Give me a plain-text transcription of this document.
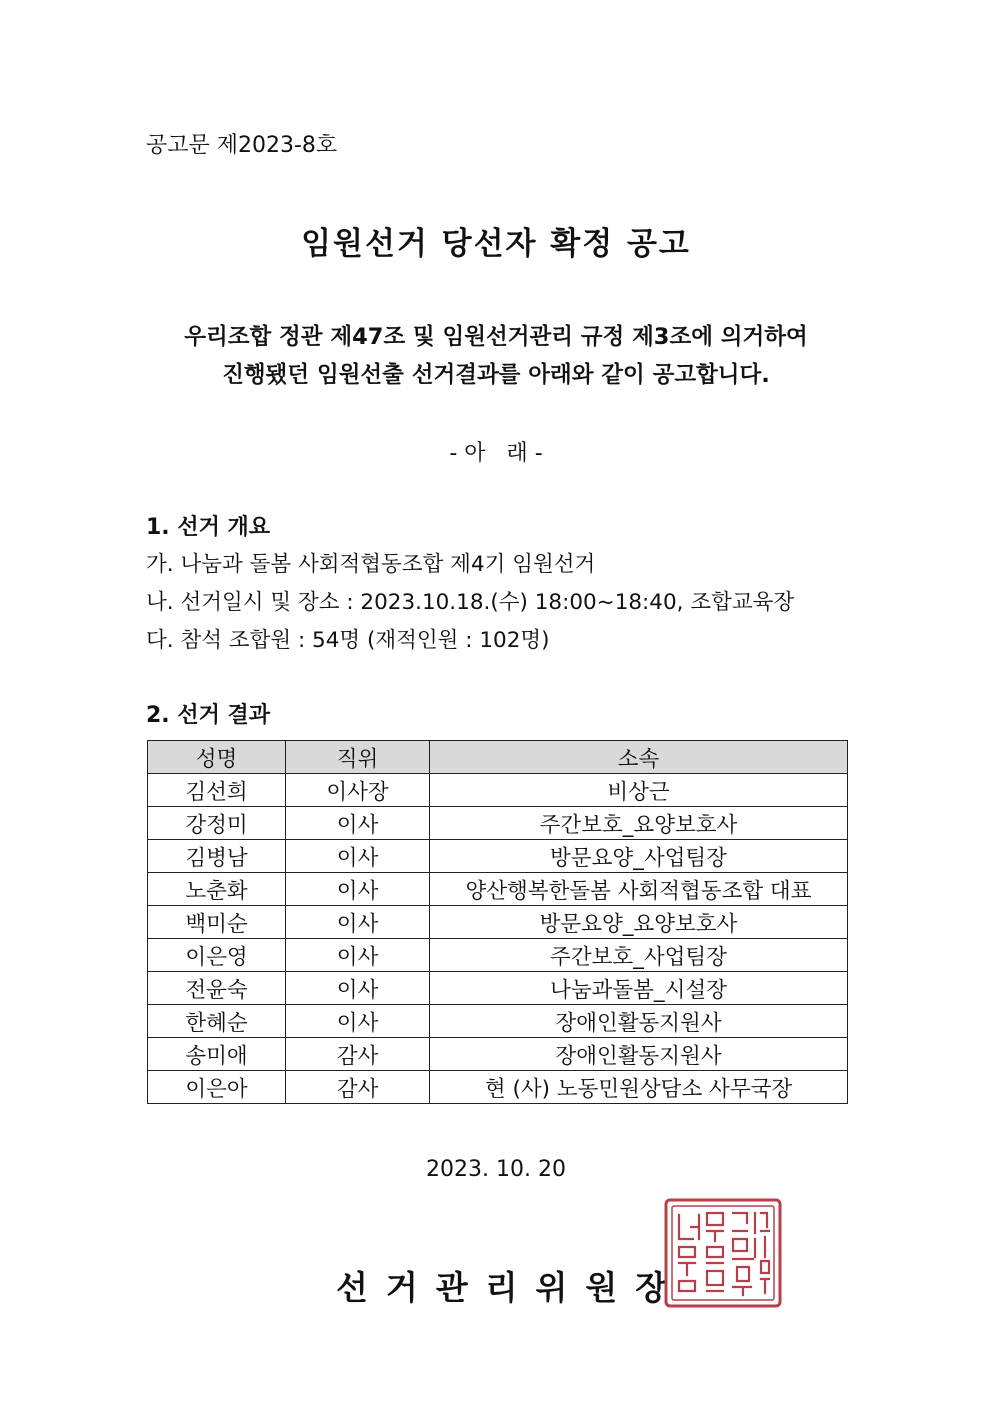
공고문 제2023-8호
임원선거 당선자 확정 공고
우리조합 정관 제47조 및 임원선거관리 규정 제3조에 의거하여
진행됐던 임원선출 선거결과를 아래와 같이 공고합니다.
- 아   래 -
1. 선거 개요
가. 나눔과 돌봄 사회적협동조합 제4기 임원선거
나. 선거일시 및 장소 : 2023.10.18.(수) 18:00~18:40, 조합교육장
다. 참석 조합원 : 54명 (재적인원 : 102명)
2. 선거 결과
성명	직위	소속
김선희	이사장	비상근
강정미	이사	주간보호_요양보호사
김병남	이사	방문요양_사업팀장
노춘화	이사	양산행복한돌봄 사회적협동조합 대표
백미순	이사	방문요양_요양보호사
이은영	이사	주간보호_사업팀장
전윤숙	이사	나눔과돌봄_시설장
한혜순	이사	장애인활동지원사
송미애	감사	장애인활동지원사
이은아	감사	현 (사) 노동민원상담소 사무국장
2023. 10. 20
선거관리위원장
